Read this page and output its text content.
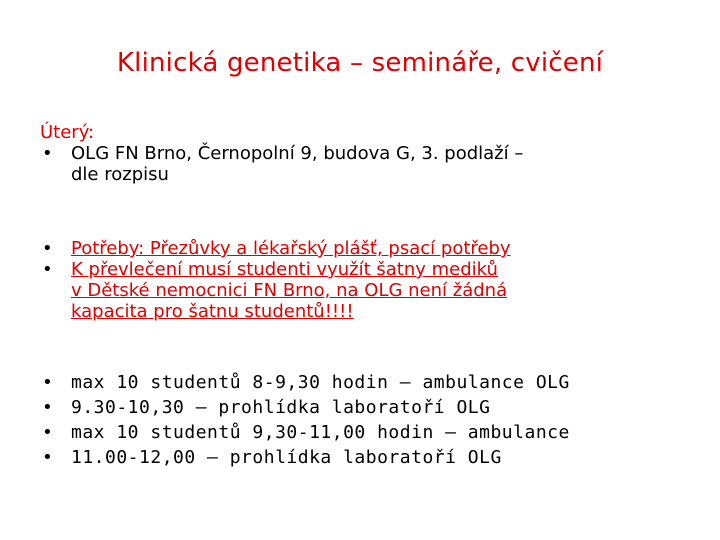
Klinická genetika – semináře, cvičení
Úterý:
• OLG FN Brno, Černopolní 9, budova G, 3. podlaží –
dle rozpisu
• Potřeby: Přezůvky a lékařský plášť, psací potřeby
• K převlečení musí studenti využít šatny mediků
v Dětské nemocnici FN Brno, na OLG není žádná
kapacita pro šatnu studentů!!!!
• max 10 studentů 8-9,30 hodin – ambulance OLG
• 9.30-10,30 – prohlídka laboratoří OLG
• max 10 studentů 9,30-11,00 hodin – ambulance
• 11.00-12,00 – prohlídka laboratoří OLG
